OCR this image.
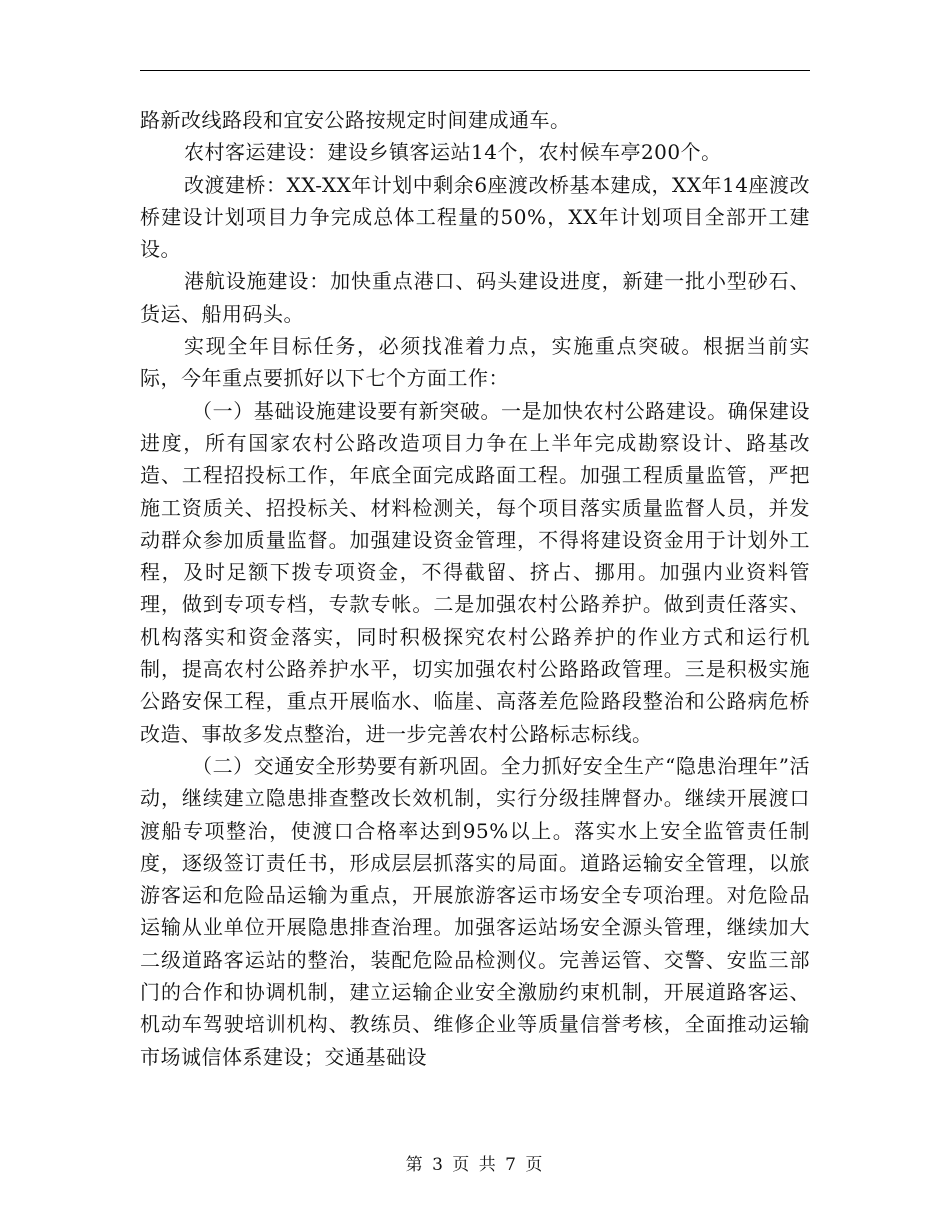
路新改线路段和宜安公路按规定时间建成通车。

农村客运建设：建设乡镇客运站14个，农村候车亭200个。

改渡建桥：XX-XX年计划中剩余6座渡改桥基本建成，XX年14座渡改桥建设计划项目力争完成总体工程量的50%，XX年计划项目全部开工建设。

港航设施建设：加快重点港口、码头建设进度，新建一批小型砂石、货运、船用码头。

实现全年目标任务，必须找准着力点，实施重点突破。根据当前实际，今年重点要抓好以下七个方面工作：

（一）基础设施建设要有新突破。一是加快农村公路建设。确保建设进度，所有国家农村公路改造项目力争在上半年完成勘察设计、路基改造、工程招投标工作，年底全面完成路面工程。加强工程质量监管，严把施工资质关、招投标关、材料检测关，每个项目落实质量监督人员，并发动群众参加质量监督。加强建设资金管理，不得将建设资金用于计划外工程，及时足额下拨专项资金，不得截留、挤占、挪用。加强内业资料管理，做到专项专档，专款专帐。二是加强农村公路养护。做到责任落实、机构落实和资金落实，同时积极探究农村公路养护的作业方式和运行机制，提高农村公路养护水平，切实加强农村公路路政管理。三是积极实施公路安保工程，重点开展临水、临崖、高落差危险路段整治和公路病危桥改造、事故多发点整治，进一步完善农村公路标志标线。

（二）交通安全形势要有新巩固。全力抓好安全生产“隐患治理年”活动，继续建立隐患排查整改长效机制，实行分级挂牌督办。继续开展渡口渡船专项整治，使渡口合格率达到95%以上。落实水上安全监管责任制度，逐级签订责任书，形成层层抓落实的局面。道路运输安全管理，以旅游客运和危险品运输为重点，开展旅游客运市场安全专项治理。对危险品运输从业单位开展隐患排查治理。加强客运站场安全源头管理，继续加大二级道路客运站的整治，装配危险品检测仪。完善运管、交警、安监三部门的合作和协调机制，建立运输企业安全激励约束机制，开展道路客运、机动车驾驶培训机构、教练员、维修企业等质量信誉考核，全面推动运输市场诚信体系建设；交通基础设

第 3 页 共 7 页
